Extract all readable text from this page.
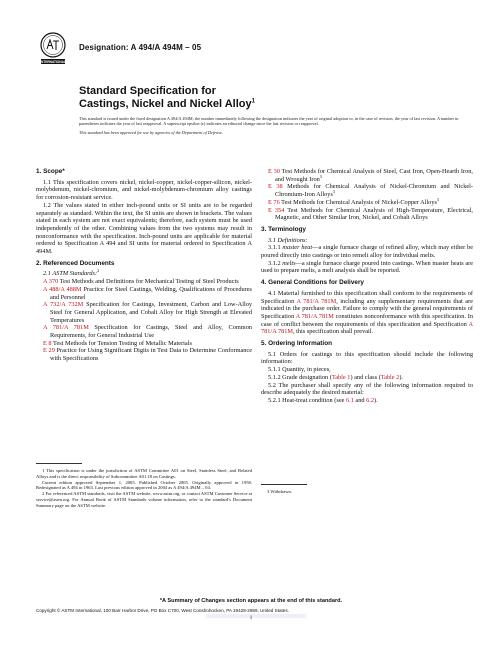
INTERNATIONAL
Designation: A 494/A 494M – 05
Standard Specification for
Castings, Nickel and Nickel Alloy$^1$
This standard is issued under the fixed designation A 494/A 494M; the number immediately following the designation indicates the year of original adoption or, in the case of revision, the year of last revision. A number in parentheses indicates the year of last reapproval. A superscript epsilon (ε) indicates an editorial change since the last revision or reapproval.
This standard has been approved for use by agencies of the Department of Defense.
1. Scope*

1.1 This specification covers nickel, nickel-copper, nickel-copper-silicon, nickel-molybdenum, nickel-chromium, and nickel-molybdenum-chromium alloy castings for corrosion-resistant service.

1.2 The values stated in either inch-pound units or SI units are to be regarded separately as standard. Within the text, the SI units are shown in brackets. The values stated in each system are not exact equivalents; therefore, each system must be used independently of the other. Combining values from the two systems may result in nonconformance with the specification. Inch-pound units are applicable for material ordered to Specification A 494 and SI units for material ordered to Specification A 494M.

2. Referenced Documents

2.1 ASTM Standards:$^2$

A 370 Test Methods and Definitions for Mechanical Testing of Steel Products

A 488/A 488M Practice for Steel Castings, Welding, Qualifications of Procedures and Personnel

A 732/A 732M Specification for Castings, Investment, Carbon and Low-Alloy Steel for General Application, and Cobalt Alloy for High Strength at Elevated Temperatures

A 781/A 781M Specification for Castings, Steel and Alloy, Common Requirements, for General Industrial Use

E 8 Test Methods for Tension Testing of Metallic Materials

E 29 Practice for Using Significant Digits in Test Data to Determine Conformance with Specifications

E 30 Test Methods for Chemical Analysis of Steel, Cast Iron, Open-Hearth Iron, and Wrought Iron$^3$

E 38 Methods for Chemical Analysis of Nickel-Chromium and Nickel-Chromium-Iron Alloys$^3$

E 76 Test Methods for Chemical Analysis of Nickel-Copper Alloys$^3$

E 354 Test Methods for Chemical Analysis of High-Temperature, Electrical, Magnetic, and Other Similar Iron, Nickel, and Cobalt Alloys

3. Terminology

3.1 Definitions:

3.1.1 master heat—a single furnace charge of refined alloy, which may either be poured directly into castings or into remelt alloy for individual melts.

3.1.2 melts—a single furnace charge poured into castings. When master heats are used to prepare melts, a melt analysis shall be reported.

4. General Conditions for Delivery

4.1 Material furnished to this specification shall conform to the requirements of Specification A 781/A 781M, including any supplementary requirements that are indicated in the purchase order. Failure to comply with the general requirements of Specification A 781/A 781M constitutes nonconformance with this specification. In case of conflict between the requirements of this specification and Specification A 781/A 781M, this specification shall prevail.

5. Ordering Information

5.1 Orders for castings to this specification should include the following information:

5.1.1 Quantity, in pieces,

5.1.2 Grade designation (Table 1) and class (Table 2).

5.2 The purchaser shall specify any of the following information required to describe adequately the desired material:

5.2.1 Heat-treat condition (see 6.1 and 6.2).

1 This specification is under the jurisdiction of ASTM Committee A01 on Steel, Stainless Steel, and Related Alloys and is the direct responsibility of Subcommittee A01.18 on Castings.

Current edition approved September 1, 2005. Published October 2005. Originally approved in 1958. Redesignated as A 494 in 1963. Last previous edition approved in 2004 as A 494/A 494M – 04.

2 For referenced ASTM standards, visit the ASTM website, www.astm.org, or contact ASTM Customer Service at service@astm.org. For Annual Book of ASTM Standards volume information, refer to the standard's Document Summary page on the ASTM website.

3 Withdrawn.
*A Summary of Changes section appears at the end of this standard.
Copyright © ASTM International, 100 Barr Harbor Drive, PO Box C700, West Conshohocken, PA 19428-2959, United States.
1
